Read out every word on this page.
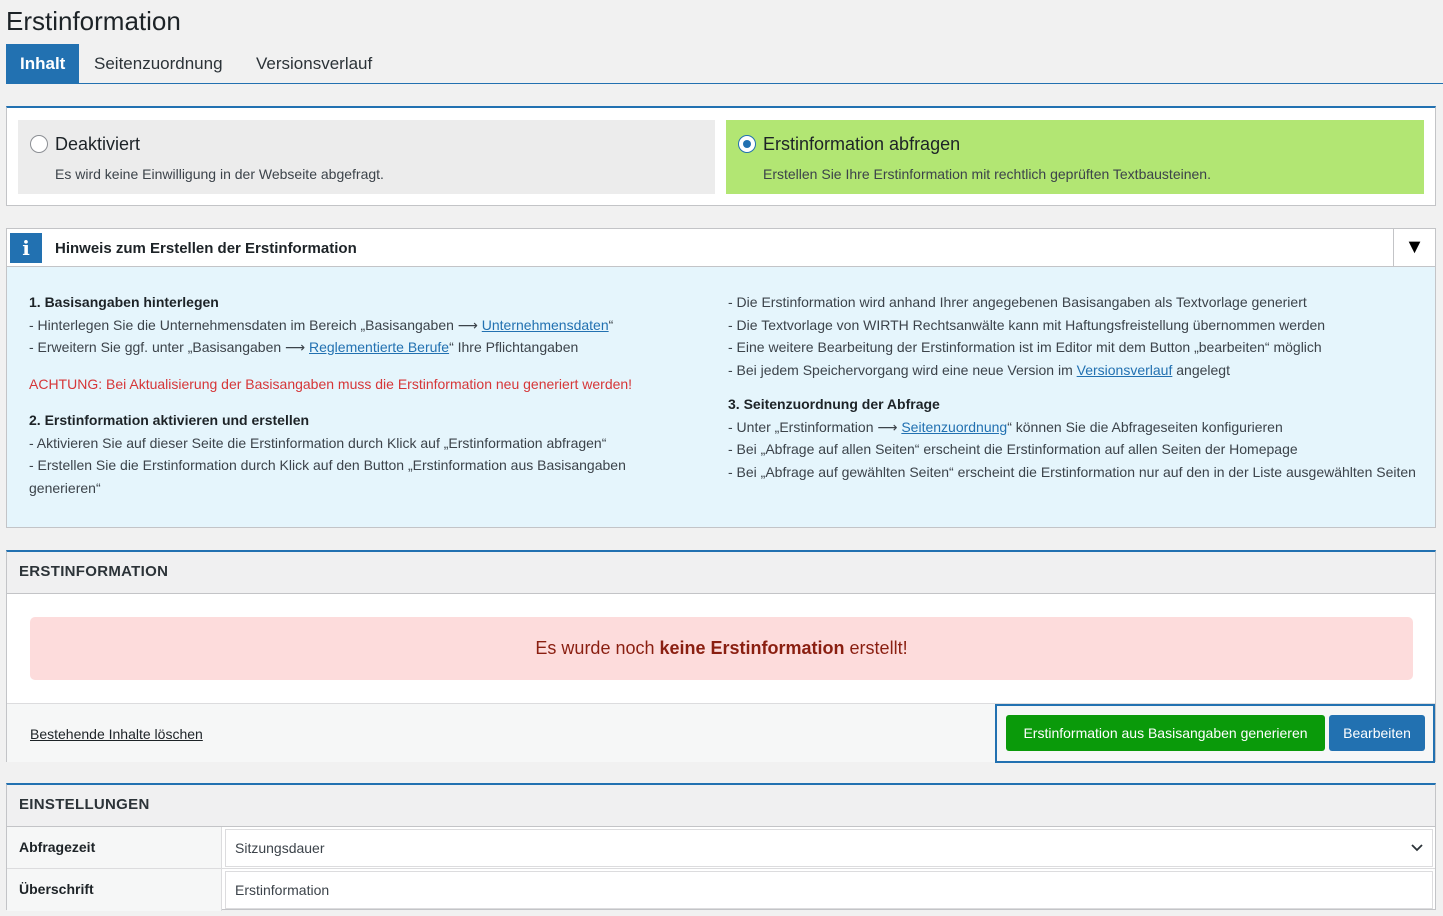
Erstinformation
Inhalt	Seitenzuordnung Versionsverlauf
Deaktiviert
Es wird keine Einwilligung in der Webseite abgefragt.
Erstinformation abfragen
Erstellen Sie Ihre Erstinformation mit rechtlich geprüften Textbausteinen.
i	Hinweis zum Erstellen der Erstinformation	▼
1. Basisangaben hinterlegen
- Hinterlegen Sie die Unternehmensdaten im Bereich „Basisangaben ⟶ Unternehmensdaten“
- Erweitern Sie ggf. unter „Basisangaben ⟶ Reglementierte Berufe“ Ihre Pflichtangaben
ACHTUNG: Bei Aktualisierung der Basisangaben muss die Erstinformation neu generiert werden!
2. Erstinformation aktivieren und erstellen
- Aktivieren Sie auf dieser Seite die Erstinformation durch Klick auf „Erstinformation abfragen“
- Erstellen Sie die Erstinformation durch Klick auf den Button „Erstinformation aus Basisangaben generieren“
- Die Erstinformation wird anhand Ihrer angegebenen Basisangaben als Textvorlage generiert
- Die Textvorlage von WIRTH Rechtsanwälte kann mit Haftungsfreistellung übernommen werden
- Eine weitere Bearbeitung der Erstinformation ist im Editor mit dem Button „bearbeiten“ möglich
- Bei jedem Speichervorgang wird eine neue Version im Versionsverlauf angelegt
3. Seitenzuordnung der Abfrage
- Unter „Erstinformation ⟶ Seitenzuordnung“ können Sie die Abfrageseiten konfigurieren
- Bei „Abfrage auf allen Seiten“ erscheint die Erstinformation auf allen Seiten der Homepage
- Bei „Abfrage auf gewählten Seiten“ erscheint die Erstinformation nur auf den in der Liste ausgewählten Seiten
ERSTINFORMATION
Es wurde noch keine Erstinformation erstellt!
Bestehende Inhalte löschen	Erstinformation aus Basisangaben generieren	Bearbeiten
EINSTELLUNGEN
Abfragezeit	Sitzungsdauer
Überschrift	Erstinformation
